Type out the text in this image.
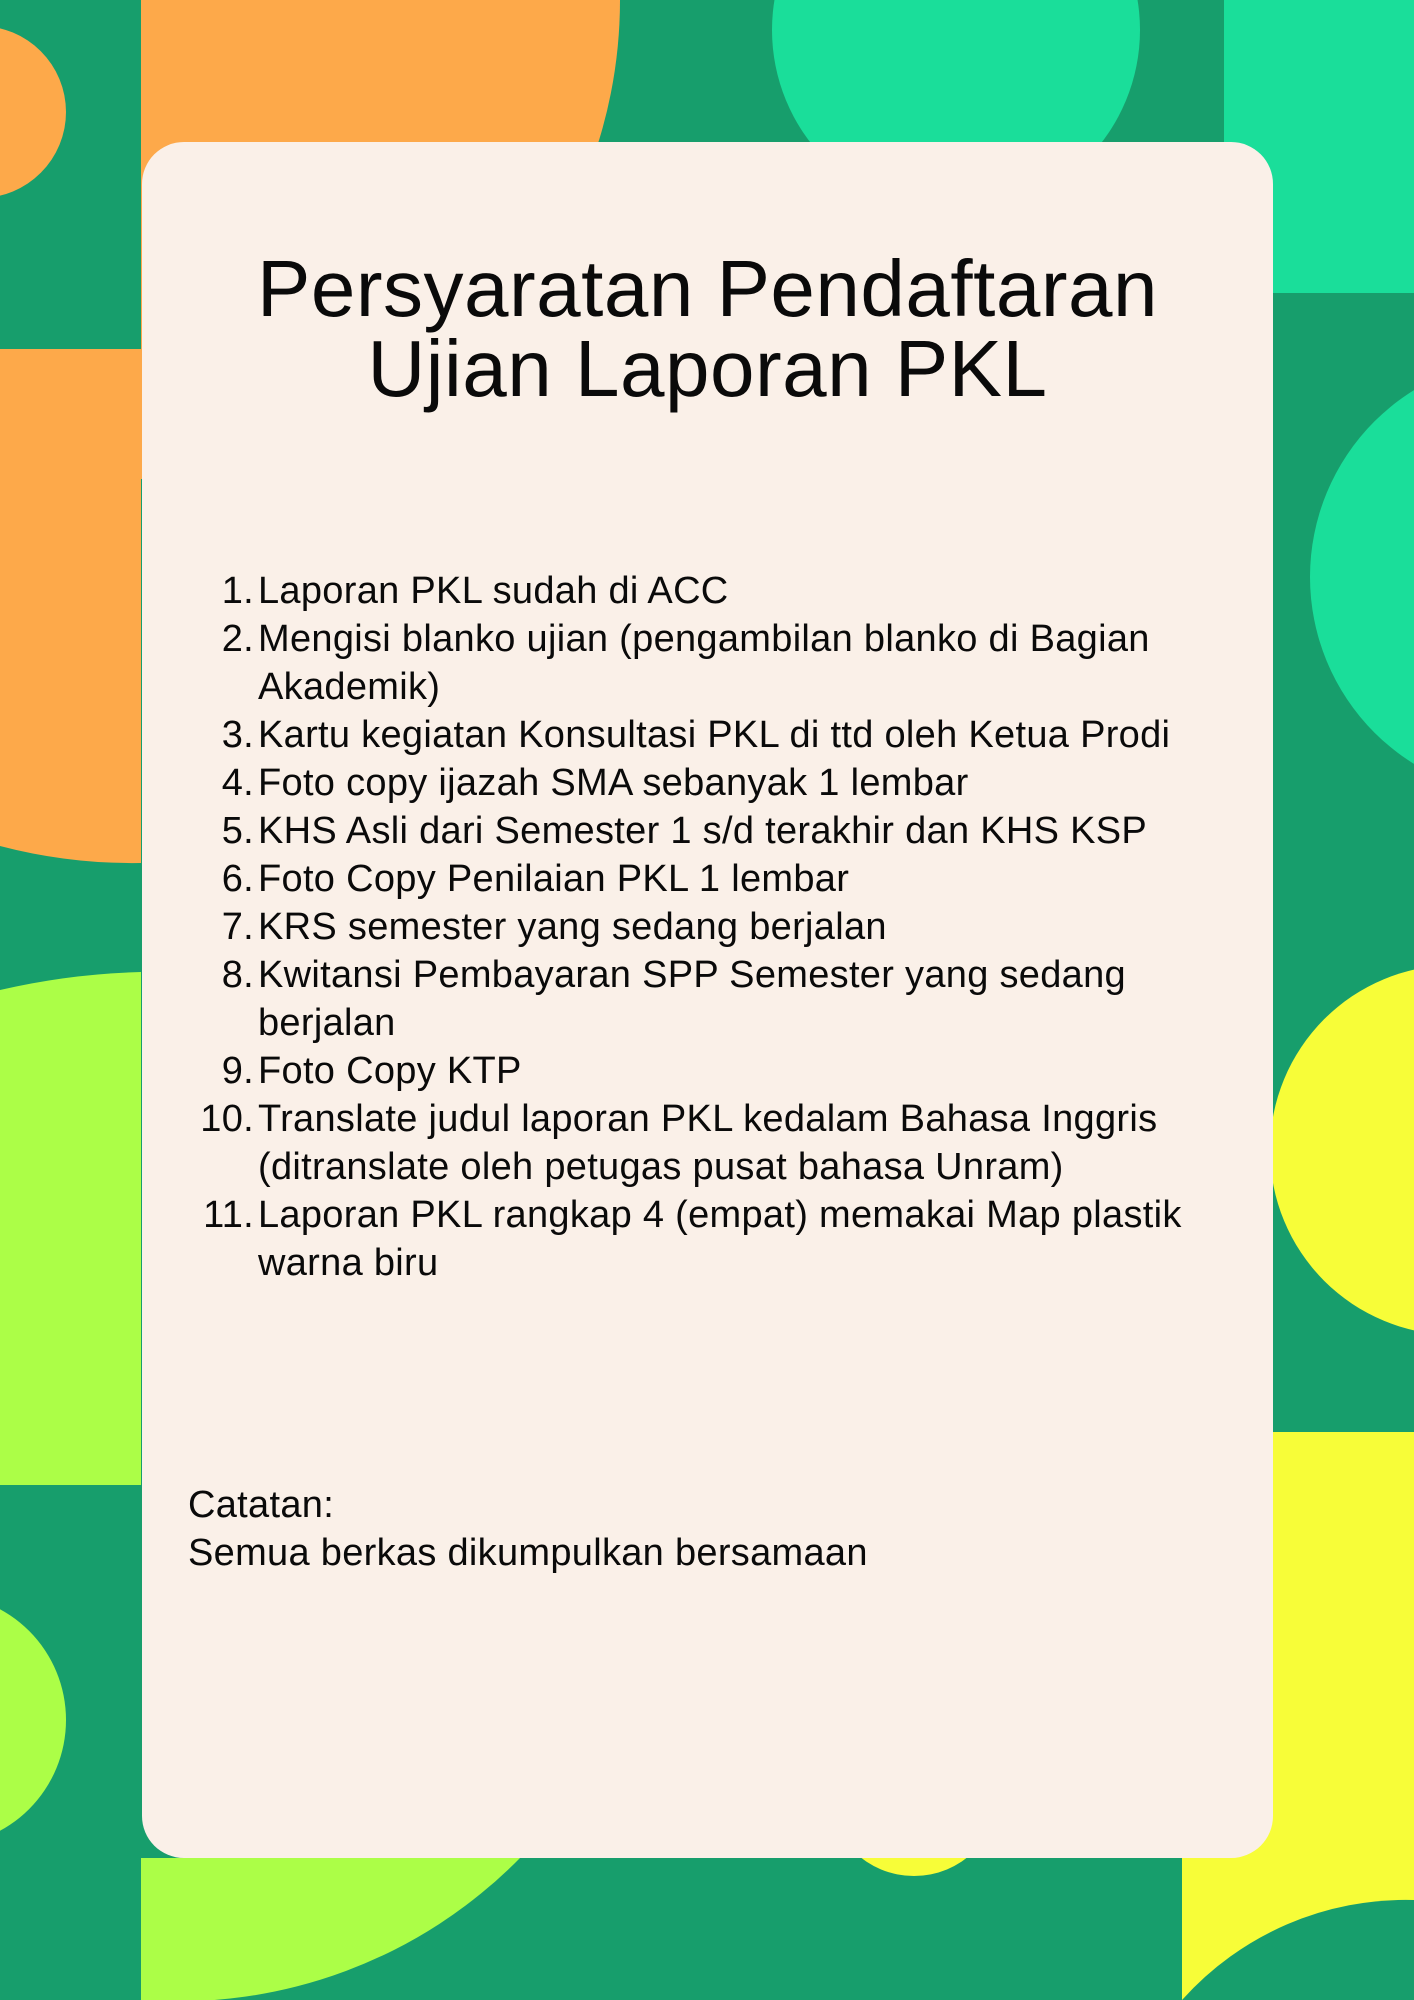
Persyaratan Pendaftaran
Ujian Laporan PKL
1. Laporan PKL sudah di ACC
2. Mengisi blanko ujian (pengambilan blanko di Bagian Akademik)
3. Kartu kegiatan Konsultasi PKL di ttd oleh Ketua Prodi
4. Foto copy ijazah SMA sebanyak 1 lembar
5. KHS Asli dari Semester 1 s/d terakhir dan KHS KSP
6. Foto Copy Penilaian PKL 1 lembar
7. KRS semester yang sedang berjalan
8. Kwitansi Pembayaran SPP Semester yang sedang berjalan
9. Foto Copy KTP
10. Translate judul laporan PKL kedalam Bahasa Inggris (ditranslate oleh petugas pusat bahasa Unram)
11. Laporan PKL rangkap 4 (empat) memakai Map plastik warna biru
Catatan:
Semua berkas dikumpulkan bersamaan
